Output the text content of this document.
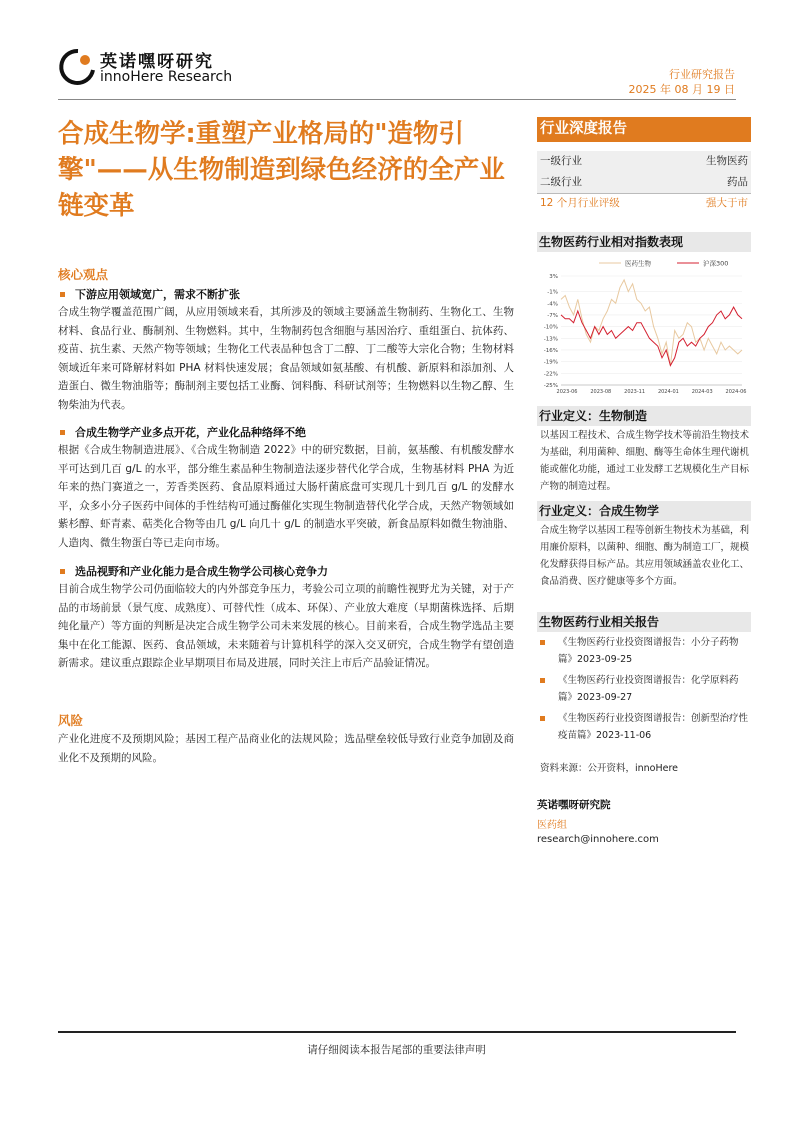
英诺嘿呀研究
innoHere Research	行业研究报告
2025 年 08 月 19 日
合成生物学:重塑产业格局的"造物引擎"——从生物制造到绿色经济的全产业链变革
核心观点
下游应用领域宽广，需求不断扩张
合成生物学覆盖范围广阔，从应用领域来看，其所涉及的领域主要涵盖生物制药、生物化工、生物材料、食品行业、酶制剂、生物燃料。其中，生物制药包含细胞与基因治疗、重组蛋白、抗体药、疫苗、抗生素、天然产物等领域；生物化工代表品种包含丁二醇、丁二酸等大宗化合物；生物材料领域近年来可降解材料如 PHA 材料快速发展；食品领域如氨基酸、有机酸、新原料和添加剂、人造蛋白、微生物油脂等；酶制剂主要包括工业酶、饲料酶、科研试剂等；生物燃料以生物乙醇、生物柴油为代表。
合成生物学产业多点开花，产业化品种络绎不绝
根据《合成生物制造进展》、《合成生物制造 2022》中的研究数据，目前，氨基酸、有机酸发酵水平可达到几百 g/L 的水平，部分维生素品种生物制造法逐步替代化学合成，生物基材料 PHA 为近年来的热门赛道之一，芳香类医药、食品原料通过大肠杆菌底盘可实现几十到几百 g/L 的发酵水平，众多小分子医药中间体的手性结构可通过酶催化实现生物制造替代化学合成，天然产物领域如紫杉醇、虾青素、萜类化合物等由几 g/L 向几十 g/L 的制造水平突破，新食品原料如微生物油脂、人造肉、微生物蛋白等已走向市场。
选品视野和产业化能力是合成生物学公司核心竞争力
目前合成生物学公司仍面临较大的内外部竞争压力，考验公司立项的前瞻性视野尤为关键，对于产品的市场前景（景气度、成熟度）、可替代性（成本、环保）、产业放大难度（早期菌株选择、后期纯化量产）等方面的判断是决定合成生物学公司未来发展的核心。目前来看，合成生物学选品主要集中在化工能源、医药、食品领域，未来随着与计算机科学的深入交叉研究，合成生物学有望创造新需求。建议重点跟踪企业早期项目布局及进展，同时关注上市后产品验证情况。
风险
产业化进度不及预期风险；基因工程产品商业化的法规风险；选品壁垒较低导致行业竞争加剧及商业化不及预期的风险。
行业深度报告
一级行业	生物医药
二级行业	药品
12 个月行业评级	强大于市
生物医药行业相对指数表现
3%
-1%
-4%
-7%
-10%
-13%
-16%
-19%
-22%
-25%
2023-06	2023-08	2023-11	2024-01	2024-03	2024-06
医药生物	沪深300
行业定义：生物制造
以基因工程技术、合成生物学技术等前沿生物技术为基础，利用菌种、细胞、酶等生命体生理代谢机能或催化功能，通过工业发酵工艺规模化生产目标产物的制造过程。
行业定义：合成生物学
合成生物学以基因工程等创新生物技术为基础，利用廉价原料，以菌种、细胞、酶为制造工厂，规模化发酵获得目标产品。其应用领域涵盖农业化工、食品消费、医疗健康等多个方面。
生物医药行业相关报告
《生物医药行业投资图谱报告：小分子药物篇》2023-09-25
《生物医药行业投资图谱报告：化学原料药篇》2023-09-27
《生物医药行业投资图谱报告：创新型治疗性疫苗篇》2023-11-06
资料来源：公开资料，innoHere
英诺嘿呀研究院
医药组
research@innohere.com
请仔细阅读本报告尾部的重要法律声明
